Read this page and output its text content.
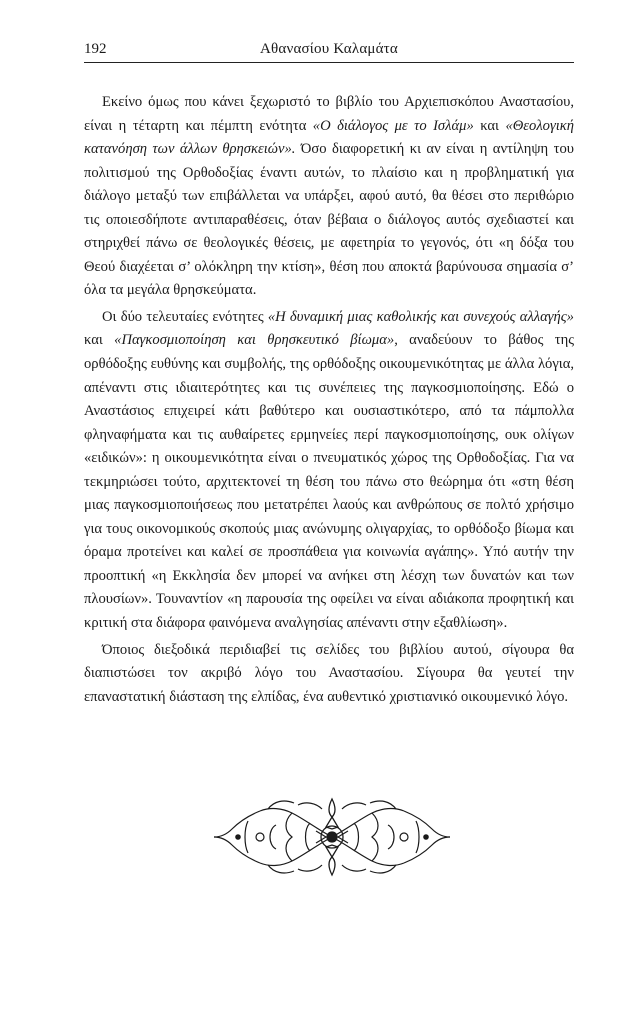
192	Αθανασίου Καλαμάτα

Εκείνο όμως που κάνει ξεχωριστό το βιβλίο του Αρχιεπισκόπου Αναστασίου, είναι η τέταρτη και πέμπτη ενότητα «Ο διάλογος με το Ισλάμ» και «Θεολογική κατανόηση των άλλων θρησκειών». Όσο διαφορετική κι αν είναι η αντίληψη του πολιτισμού της Ορθοδοξίας έναντι αυτών, το πλαίσιο και η προβληματική για διάλογο μεταξύ των επιβάλλεται να υπάρξει, αφού αυτό, θα θέσει στο περιθώριο τις οποιεσδήποτε αντιπαραθέσεις, όταν βέβαια ο διάλογος αυτός σχεδιαστεί και στηριχθεί πάνω σε θεολογικές θέσεις, με αφετηρία το γεγονός, ότι «η δόξα του Θεού διαχέεται σ’ ολόκληρη την κτίση», θέση που αποκτά βαρύνουσα σημασία σ’ όλα τα μεγάλα θρησκεύματα.

Οι δύο τελευταίες ενότητες «Η δυναμική μιας καθολικής και συνεχούς αλλαγής» και «Παγκοσμιοποίηση και θρησκευτικό βίωμα», αναδεύουν το βάθος της ορθόδοξης ευθύνης και συμβολής, της ορθόδοξης οικουμενικότητας με άλλα λόγια, απέναντι στις ιδιαιτερότητες και τις συνέπειες της παγκοσμιοποίησης. Εδώ ο Αναστάσιος επιχειρεί κάτι βαθύτερο και ουσιαστικότερο, από τα πάμπολλα φληναφήματα και τις αυθαίρετες ερμηνείες περί παγκοσμιοποίησης, ουκ ολίγων «ειδικών»: η οικουμενικότητα είναι ο πνευματικός χώρος της Ορθοδοξίας. Για να τεκμηριώσει τούτο, αρχιτεκτονεί τη θέση του πάνω στο θεώρημα ότι «στη θέση μιας παγκοσμιοποιήσεως που μετατρέπει λαούς και ανθρώπους σε πολτό χρήσιμο για τους οικονομικούς σκοπούς μιας ανώνυμης ολιγαρχίας, το ορθόδοξο βίωμα και όραμα προτείνει και καλεί σε προσπάθεια για κοινωνία αγάπης». Υπό αυτήν την προοπτική «η Εκκλησία δεν μπορεί να ανήκει στη λέσχη των δυνατών και των πλουσίων». Τουναντίον «η παρουσία της οφείλει να είναι αδιάκοπα προφητική και κριτική στα διάφορα φαινόμενα αναλγησίας απέναντι στην εξαθλίωση».

Όποιος διεξοδικά περιδιαβεί τις σελίδες του βιβλίου αυτού, σίγουρα θα διαπιστώσει τον ακριβό λόγο του Αναστασίου. Σίγουρα θα γευτεί την επαναστατική διάσταση της ελπίδας, ένα αυθεντικό χριστιανικό οικουμενικό λόγο.
